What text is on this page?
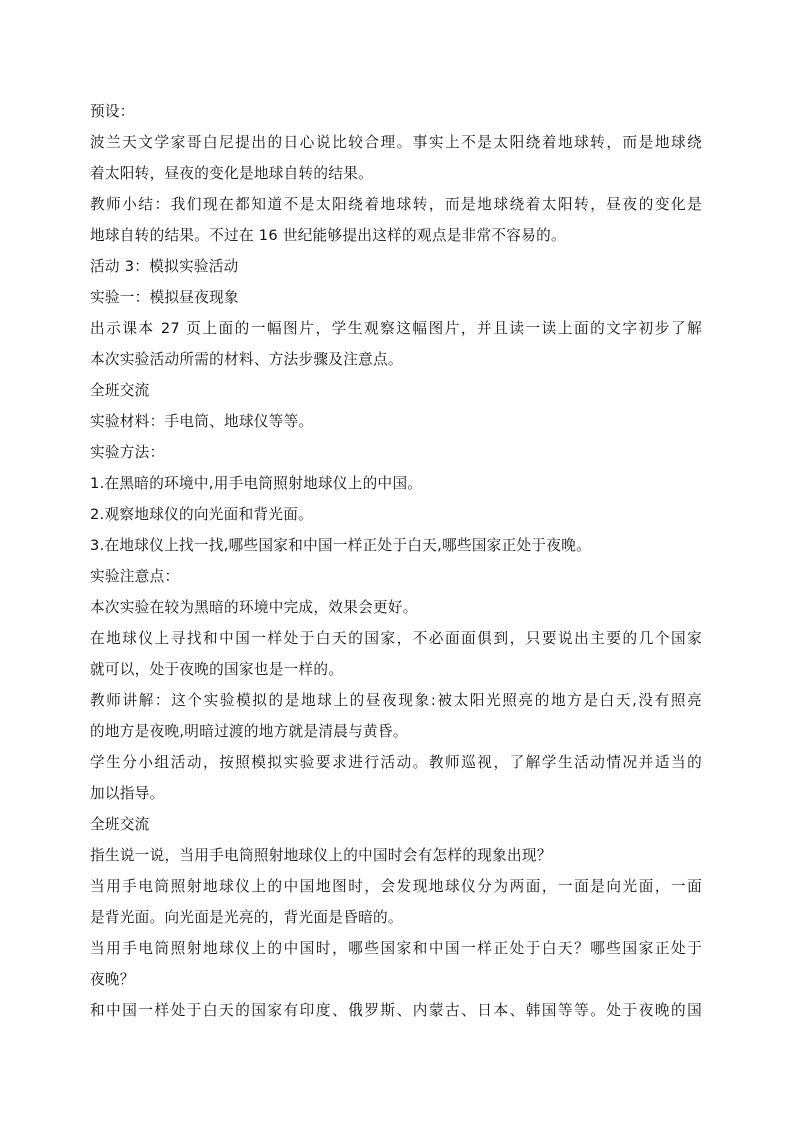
预设：
波兰天文学家哥白尼提出的日心说比较合理。事实上不是太阳绕着地球转，而是地球绕
着太阳转，昼夜的变化是地球自转的结果。
教师小结：我们现在都知道不是太阳绕着地球转，而是地球绕着太阳转，昼夜的变化是
地球自转的结果。不过在 16 世纪能够提出这样的观点是非常不容易的。
活动 3：模拟实验活动
实验一：模拟昼夜现象
出示课本 27 页上面的一幅图片，学生观察这幅图片，并且读一读上面的文字初步了解
本次实验活动所需的材料、方法步骤及注意点。
全班交流
实验材料：手电筒、地球仪等等。
实验方法：
1.在黑暗的环境中,用手电筒照射地球仪上的中国。
2.观察地球仪的向光面和背光面。
3.在地球仪上找一找,哪些国家和中国一样正处于白天,哪些国家正处于夜晚。
实验注意点：
本次实验在较为黑暗的环境中完成，效果会更好。
在地球仪上寻找和中国一样处于白天的国家，不必面面俱到，只要说出主要的几个国家
就可以，处于夜晚的国家也是一样的。
教师讲解：这个实验模拟的是地球上的昼夜现象:被太阳光照亮的地方是白天,没有照亮
的地方是夜晚,明暗过渡的地方就是清晨与黄昏。
学生分小组活动，按照模拟实验要求进行活动。教师巡视，了解学生活动情况并适当的
加以指导。
全班交流
指生说一说，当用手电筒照射地球仪上的中国时会有怎样的现象出现？
当用手电筒照射地球仪上的中国地图时，会发现地球仪分为两面，一面是向光面，一面
是背光面。向光面是光亮的，背光面是昏暗的。
当用手电筒照射地球仪上的中国时，哪些国家和中国一样正处于白天？哪些国家正处于
夜晚？
和中国一样处于白天的国家有印度、俄罗斯、内蒙古、日本、韩国等等。处于夜晚的国
